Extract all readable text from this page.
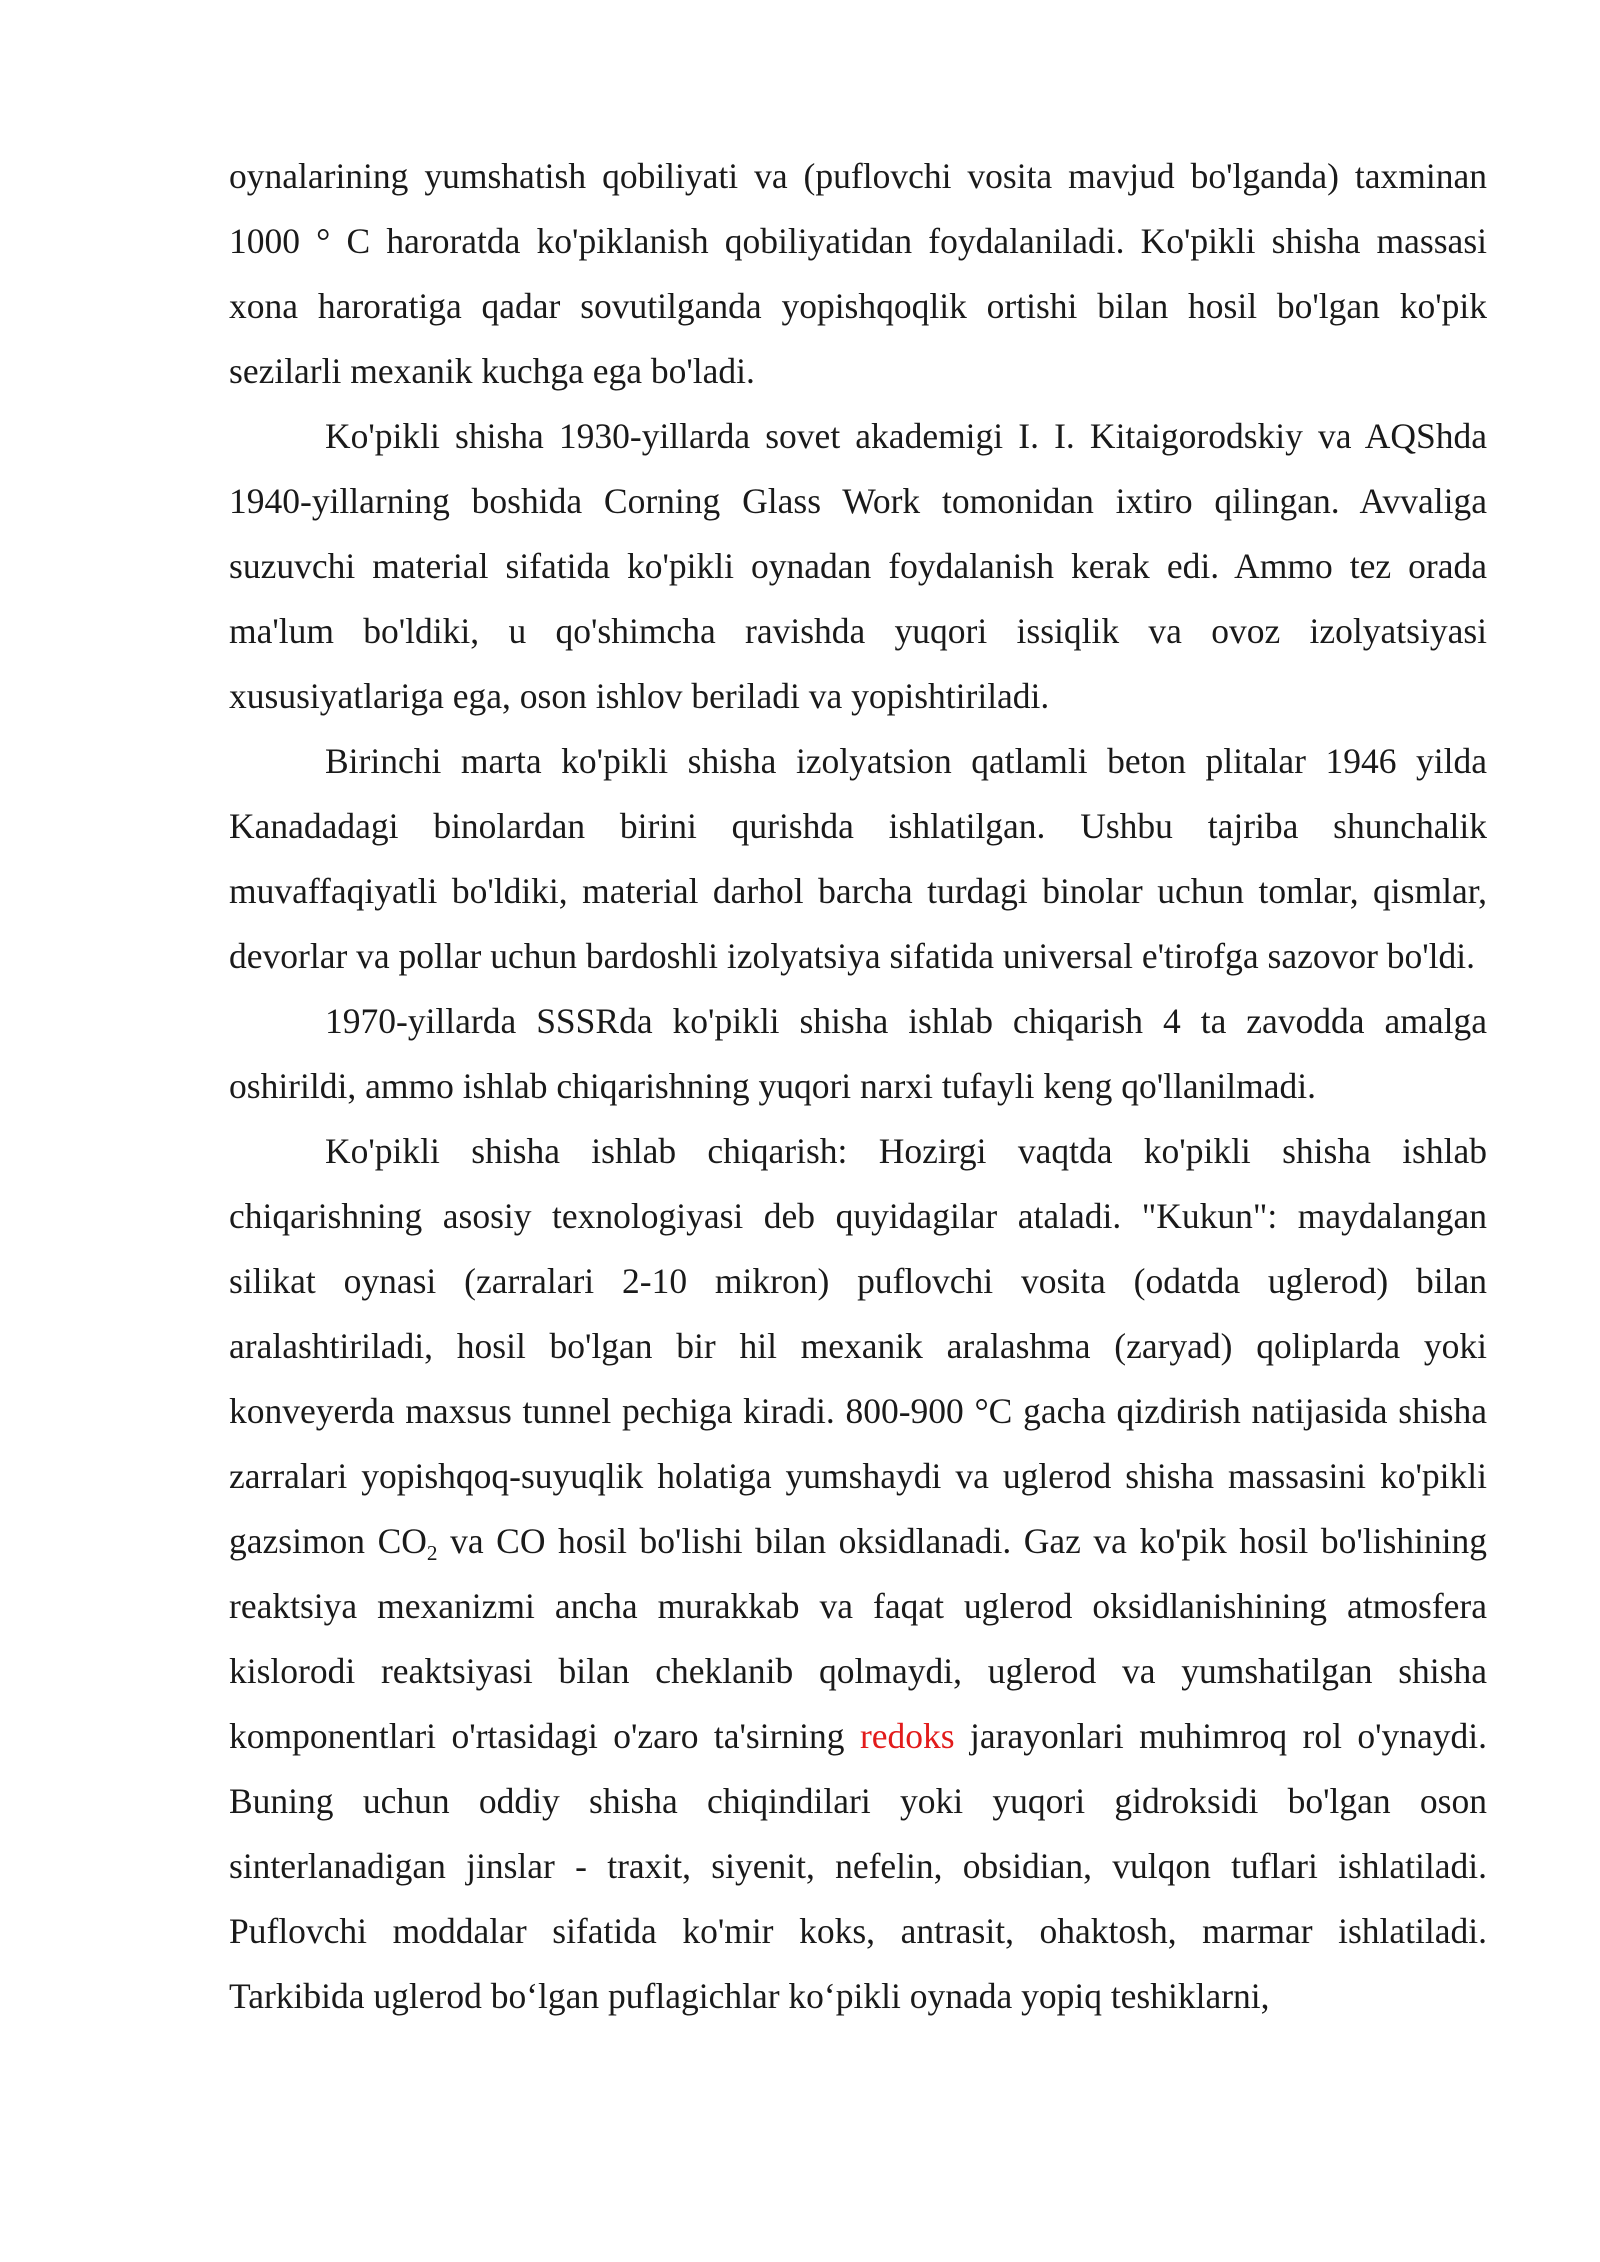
oynalarining yumshatish qobiliyati va (puflovchi vosita mavjud bo'lganda) taxminan 1000 ° C haroratda ko'piklanish qobiliyatidan foydalaniladi. Ko'pikli shisha massasi xona haroratiga qadar sovutilganda yopishqoqlik ortishi bilan hosil bo'lgan ko'pik sezilarli mexanik kuchga ega bo'ladi.

Ko'pikli shisha 1930-yillarda sovet akademigi I. I. Kitaigorodskiy va AQShda 1940-yillarning boshida Corning Glass Work tomonidan ixtiro qilingan. Avvaliga suzuvchi material sifatida ko'pikli oynadan foydalanish kerak edi. Ammo tez orada ma'lum bo'ldiki, u qo'shimcha ravishda yuqori issiqlik va ovoz izolyatsiyasi xususiyatlariga ega, oson ishlov beriladi va yopishtiriladi.

Birinchi marta ko'pikli shisha izolyatsion qatlamli beton plitalar 1946 yilda Kanadadagi binolardan birini qurishda ishlatilgan. Ushbu tajriba shunchalik muvaffaqiyatli bo'ldiki, material darhol barcha turdagi binolar uchun tomlar, qismlar, devorlar va pollar uchun bardoshli izolyatsiya sifatida universal e'tirofga sazovor bo'ldi.

1970-yillarda SSSRda ko'pikli shisha ishlab chiqarish 4 ta zavodda amalga oshirildi, ammo ishlab chiqarishning yuqori narxi tufayli keng qo'llanilmadi.

Ko'pikli shisha ishlab chiqarish: Hozirgi vaqtda ko'pikli shisha ishlab chiqarishning asosiy texnologiyasi deb quyidagilar ataladi. "Kukun": maydalangan silikat oynasi (zarralari 2-10 mikron) puflovchi vosita (odatda uglerod) bilan aralashtiriladi, hosil bo'lgan bir hil mexanik aralashma (zaryad) qoliplarda yoki konveyerda maxsus tunnel pechiga kiradi. 800-900 °C gacha qizdirish natijasida shisha zarralari yopishqoq-suyuqlik holatiga yumshaydi va uglerod shisha massasini ko'pikli gazsimon $CO_2$ va CO hosil bo'lishi bilan oksidlanadi. Gaz va ko'pik hosil bo'lishining reaktsiya mexanizmi ancha murakkab va faqat uglerod oksidlanishining atmosfera kislorodi reaktsiyasi bilan cheklanib qolmaydi, uglerod va yumshatilgan shisha komponentlari o'rtasidagi o'zaro ta'sirning redoks jarayonlari muhimroq rol o'ynaydi. Buning uchun oddiy shisha chiqindilari yoki yuqori gidroksidi bo'lgan oson sinterlanadigan jinslar - traxit, siyenit, nefelin, obsidian, vulqon tuflari ishlatiladi. Puflovchi moddalar sifatida ko'mir koks, antrasit, ohaktosh, marmar ishlatiladi. Tarkibida uglerod bo‘lgan puflagichlar ko‘pikli oynada yopiq teshiklarni,
